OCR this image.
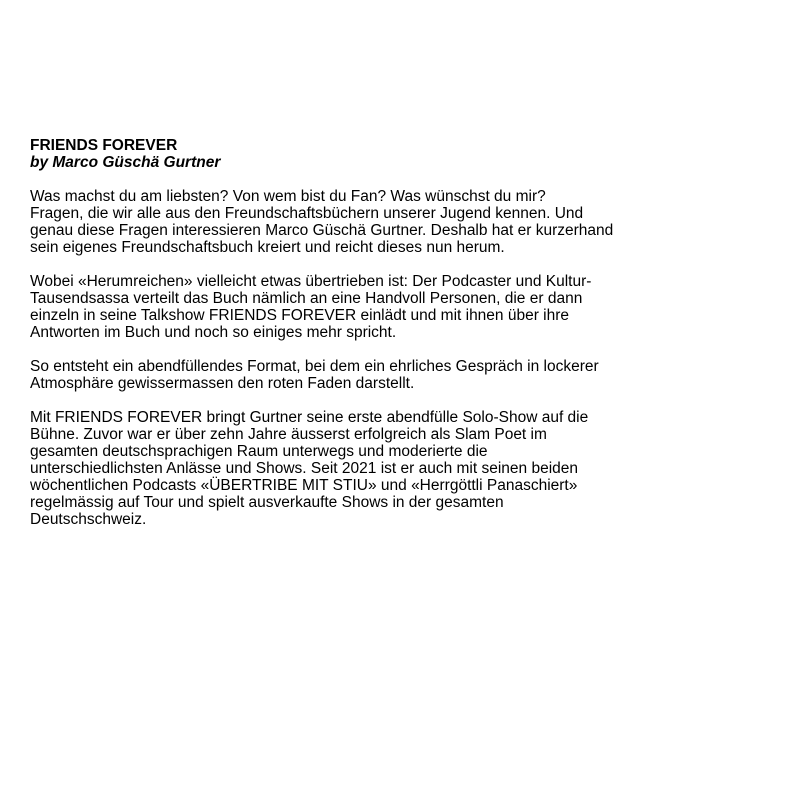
FRIENDS FOREVER
by Marco Güschä Gurtner
Was machst du am liebsten? Von wem bist du Fan? Was wünschst du mir?
Fragen, die wir alle aus den Freundschaftsbüchern unserer Jugend kennen. Und
genau diese Fragen interessieren Marco Güschä Gurtner. Deshalb hat er kurzerhand
sein eigenes Freundschaftsbuch kreiert und reicht dieses nun herum.
Wobei «Herumreichen» vielleicht etwas übertrieben ist: Der Podcaster und Kultur-
Tausendsassa verteilt das Buch nämlich an eine Handvoll Personen, die er dann
einzeln in seine Talkshow FRIENDS FOREVER einlädt und mit ihnen über ihre
Antworten im Buch und noch so einiges mehr spricht.
So entsteht ein abendfüllendes Format, bei dem ein ehrliches Gespräch in lockerer
Atmosphäre gewissermassen den roten Faden darstellt.
Mit FRIENDS FOREVER bringt Gurtner seine erste abendfülle Solo-Show auf die
Bühne. Zuvor war er über zehn Jahre äusserst erfolgreich als Slam Poet im
gesamten deutschsprachigen Raum unterwegs und moderierte die
unterschiedlichsten Anlässe und Shows. Seit 2021 ist er auch mit seinen beiden
wöchentlichen Podcasts «ÜBERTRIBE MIT STIU» und «Herrgöttli Panaschiert»
regelmässig auf Tour und spielt ausverkaufte Shows in der gesamten
Deutschschweiz.
